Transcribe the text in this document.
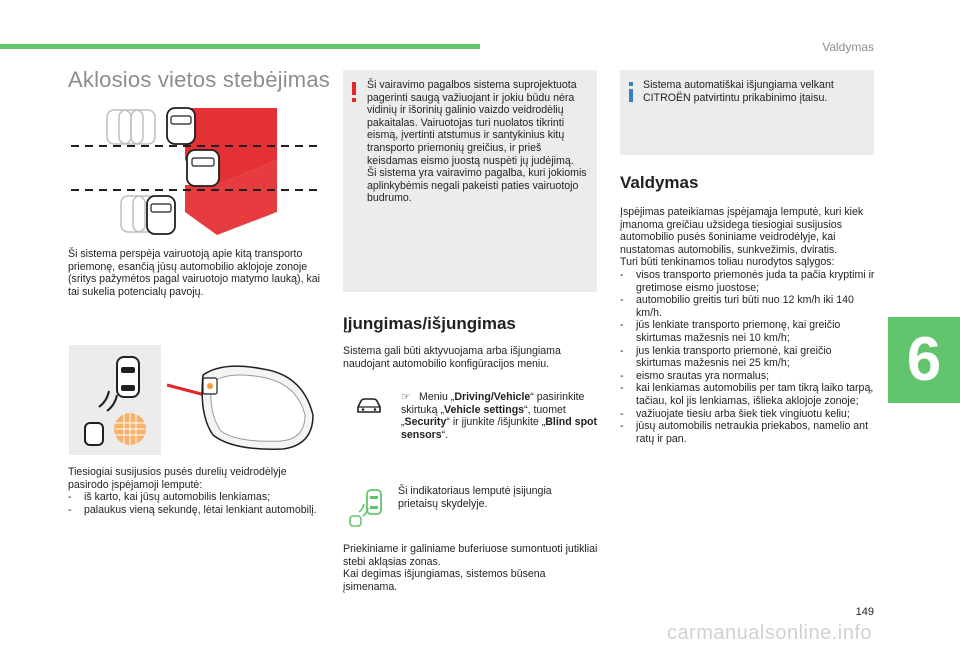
Valdymas
6
149
carmanualsonline.info
Aklosios vietos stebėjimas
Ši sistema perspėja vairuotoją apie kitą transporto priemonę, esančią jūsų automobilio aklojoje zonoje (sritys pažymėtos pagal vairuotojo matymo lauką), kai tai sukelia potencialų pavojų.
Tiesiogiai susijusios pusės durelių veidrodėlyje pasirodo įspėjamoji lemputė:
- iš karto, kai jūsų automobilis lenkiamas;
- palaukus vieną sekundę, lėtai lenkiant automobilį.
Ši vairavimo pagalbos sistema suprojektuota pagerinti saugą važiuojant ir jokiu būdu nėra vidinių ir išorinių galinio vaizdo veidrodėlių pakaitalas. Vairuotojas turi nuolatos tikrinti eismą, įvertinti atstumus ir santykinius kitų transporto priemonių greičius, ir prieš keisdamas eismo juostą nuspėti jų judėjimą.
Ši sistema yra vairavimo pagalba, kuri jokiomis aplinkybėmis negali pakeisti paties vairuotojo budrumo.
Įjungimas/išjungimas
Sistema gali būti aktyvuojama arba išjungiama naudojant automobilio konfigūracijos meniu.
☞ Meniu „Driving/Vehicle“ pasirinkite skirtuką „Vehicle settings“, tuomet „Security“ ir įjunkite /išjunkite „Blind spot sensors“.
Ši indikatoriaus lemputė įsijungia prietaisų skydelyje.
Priekiniame ir galiniame buferiuose sumontuoti jutikliai stebi akląsias zonas.
Kai degimas išjungiamas, sistemos būsena įsimenama.
Sistema automatiškai išjungiama velkant CITROËN patvirtintu prikabinimo įtaisu.
Valdymas
Įspėjimas pateikiamas įspėjamąja lemputė, kuri kiek įmanoma greičiau užsidega tiesiogiai susijusios automobilio pusės šoniniame veidrodėlyje, kai nustatomas automobilis, sunkvežimis, dviratis.
Turi būti tenkinamos toliau nurodytos sąlygos:
- visos transporto priemonės juda ta pačia kryptimi ir gretimose eismo juostose;
- automobilio greitis turi būti nuo 12 km/h iki 140 km/h.
- jūs lenkiate transporto priemonę, kai greičio skirtumas mažesnis nei 10 km/h;
- jus lenkia transporto priemonė, kai greičio skirtumas mažesnis nei 25 km/h;
- eismo srautas yra normalus;
- kai lenkiamas automobilis per tam tikrą laiko tarpą, tačiau, kol jis lenkiamas, išlieka aklojoje zonoje;
- važiuojate tiesiu arba šiek tiek vingiuotu keliu;
- jūsų automobilis netraukia priekabos, namelio ant ratų ir pan.
